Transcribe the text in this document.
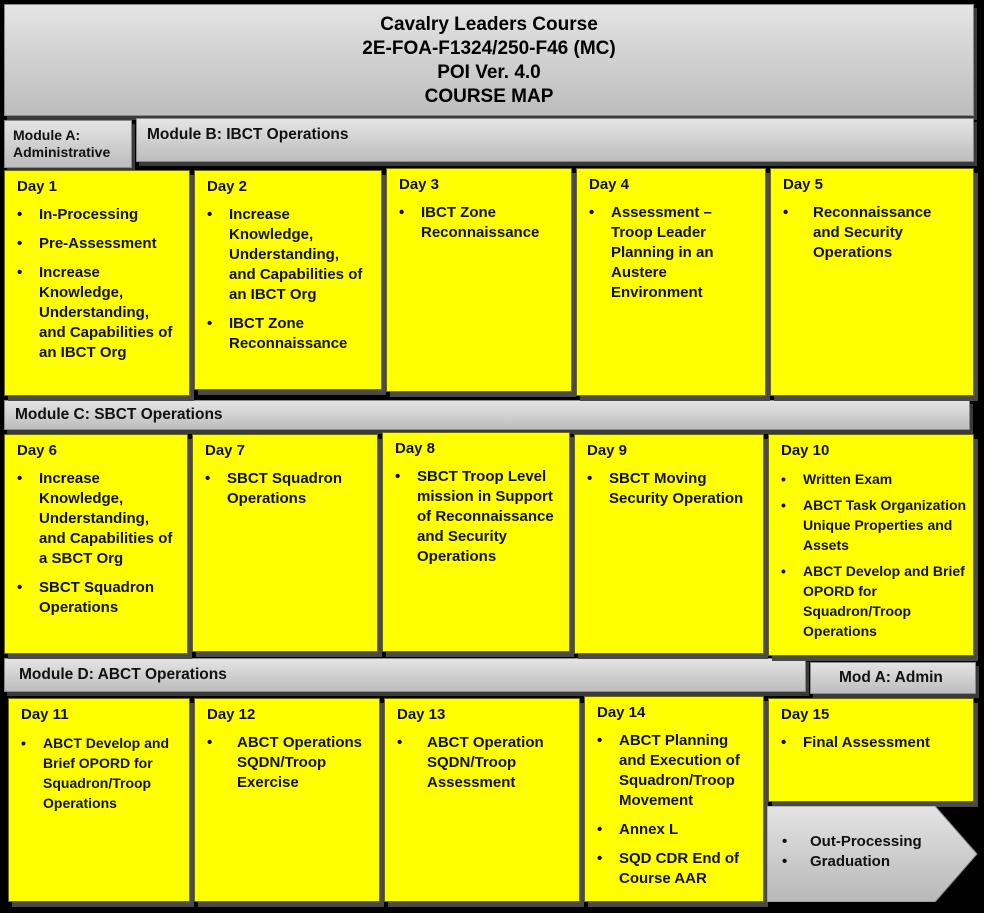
Cavalry Leaders Course
2E-FOA-F1324/250-F46 (MC)
POI Ver. 4.0
COURSE MAP
Module A: Administrative
Module B: IBCT Operations
Module C: SBCT Operations
Module D: ABCT Operations	Mod A: Admin
Day 1
• In-Processing
• Pre-Assessment
• Increase Knowledge, Understanding, and Capabilities of an IBCT Org
Day 2
• Increase Knowledge, Understanding, and Capabilities of an IBCT Org
• IBCT Zone Reconnaissance
Day 3
• IBCT Zone Reconnaissance
Day 4
• Assessment – Troop Leader Planning in an Austere Environment
Day 5
• Reconnaissance and Security Operations
Day 6
• Increase Knowledge, Understanding, and Capabilities of a SBCT Org
• SBCT Squadron Operations
Day 7
• SBCT Squadron Operations
Day 8
• SBCT Troop Level mission in Support of Reconnaissance and Security Operations
Day 9
• SBCT Moving Security Operation
Day 10
• Written Exam
• ABCT Task Organization Unique Properties and Assets
• ABCT Develop and Brief OPORD for Squadron/Troop Operations
Day 11
• ABCT Develop and Brief OPORD for Squadron/Troop Operations
Day 12
• ABCT Operations SQDN/Troop Exercise
Day 13
• ABCT Operation SQDN/Troop Assessment
Day 14
• ABCT Planning and Execution of Squadron/Troop Movement
• Annex L
• SQD CDR End of Course AAR
Day 15
• Final Assessment
• Out-Processing
• Graduation
